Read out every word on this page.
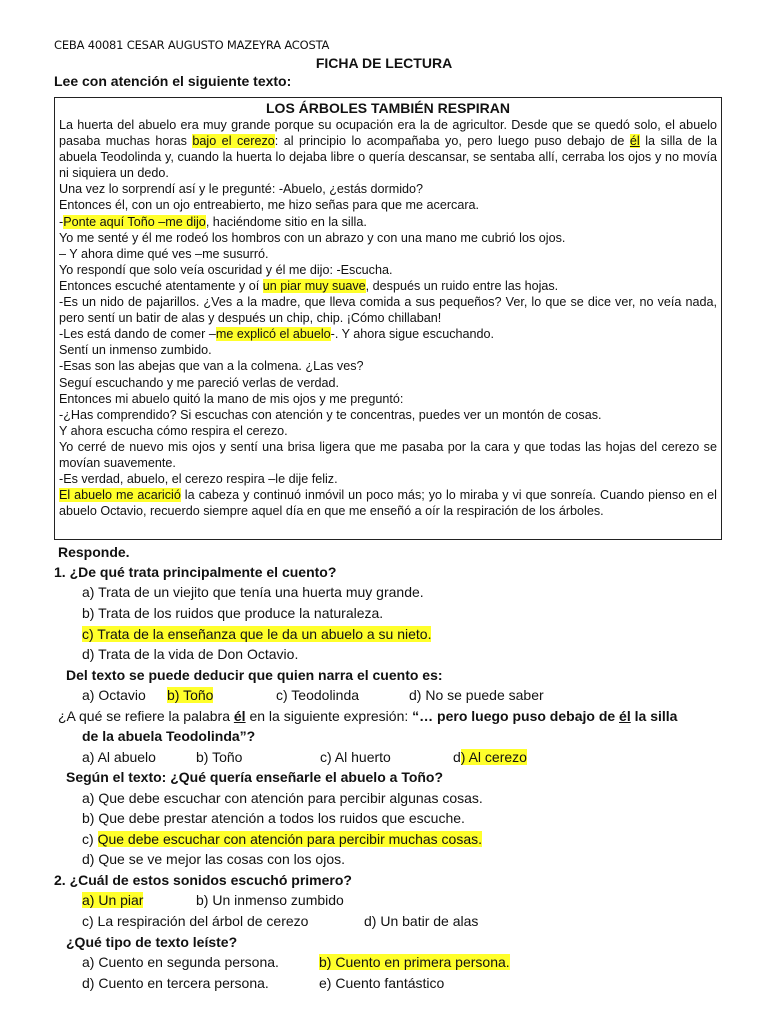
CEBA 40081 CESAR AUGUSTO MAZEYRA ACOSTA
FICHA DE LECTURA
Lee con atención el siguiente texto:
LOS ÁRBOLES TAMBIÉN RESPIRAN

La huerta del abuelo era muy grande porque su ocupación era la de agricultor. Desde que se quedó solo, el abuelo pasaba muchas horas bajo el cerezo: al principio lo acompañaba yo, pero luego puso debajo de él la silla de la abuela Teodolinda y, cuando la huerta lo dejaba libre o quería descansar, se sentaba allí, cerraba los ojos y no movía ni siquiera un dedo.

Una vez lo sorprendí así y le pregunté: -Abuelo, ¿estás dormido?

Entonces él, con un ojo entreabierto, me hizo señas para que me acercara.

-Ponte aquí Toño –me dijo, haciéndome sitio en la silla.

Yo me senté y él me rodeó los hombros con un abrazo y con una mano me cubrió los ojos.

– Y ahora dime qué ves –me susurró.

Yo respondí que solo veía oscuridad y él me dijo: -Escucha.

Entonces escuché atentamente y oí un piar muy suave, después un ruido entre las hojas.

-Es un nido de pajarillos. ¿Ves a la madre, que lleva comida a sus pequeños? Ver, lo que se dice ver, no veía nada, pero sentí un batir de alas y después un chip, chip. ¡Cómo chillaban!

-Les está dando de comer –me explicó el abuelo-. Y ahora sigue escuchando.

Sentí un inmenso zumbido.

-Esas son las abejas que van a la colmena. ¿Las ves?

Seguí escuchando y me pareció verlas de verdad.

Entonces mi abuelo quitó la mano de mis ojos y me preguntó:

-¿Has comprendido? Si escuchas con atención y te concentras, puedes ver un montón de cosas.

Y ahora escucha cómo respira el cerezo.

Yo cerré de nuevo mis ojos y sentí una brisa ligera que me pasaba por la cara y que todas las hojas del cerezo se movían suavemente.

-Es verdad, abuelo, el cerezo respira –le dije feliz.

El abuelo me acarició la cabeza y continuó inmóvil un poco más; yo lo miraba y vi que sonreía. Cuando pienso en el abuelo Octavio, recuerdo siempre aquel día en que me enseñó a oír la respiración de los árboles.

Responde.
1. ¿De qué trata principalmente el cuento?
a) Trata de un viejito que tenía una huerta muy grande.
b) Trata de los ruidos que produce la naturaleza.
c) Trata de la enseñanza que le da un abuelo a su nieto.
d) Trata de la vida de Don Octavio.
Del texto se puede deducir que quien narra el cuento es:
a) Octavio b) Toño	c) Teodolinda	d) No se puede saber
¿A qué se refiere la palabra él en la siguiente expresión: “… pero luego puso debajo de él la silla
de la abuela Teodolinda”?
a) Al abuelo	b) Toño	c) Al huerto	d) Al cerezo
Según el texto: ¿Qué quería enseñarle el abuelo a Toño?
a) Que debe escuchar con atención para percibir algunas cosas.
b) Que debe prestar atención a todos los ruidos que escuche.
c) Que debe escuchar con atención para percibir muchas cosas.
d) Que se ve mejor las cosas con los ojos.
2. ¿Cuál de estos sonidos escuchó primero?
a) Un piar	b) Un inmenso zumbido
c) La respiración del árbol de cerezo	d) Un batir de alas
¿Qué tipo de texto leíste?
a) Cuento en segunda persona.	b) Cuento en primera persona.
d) Cuento en tercera persona.	e) Cuento fantástico
